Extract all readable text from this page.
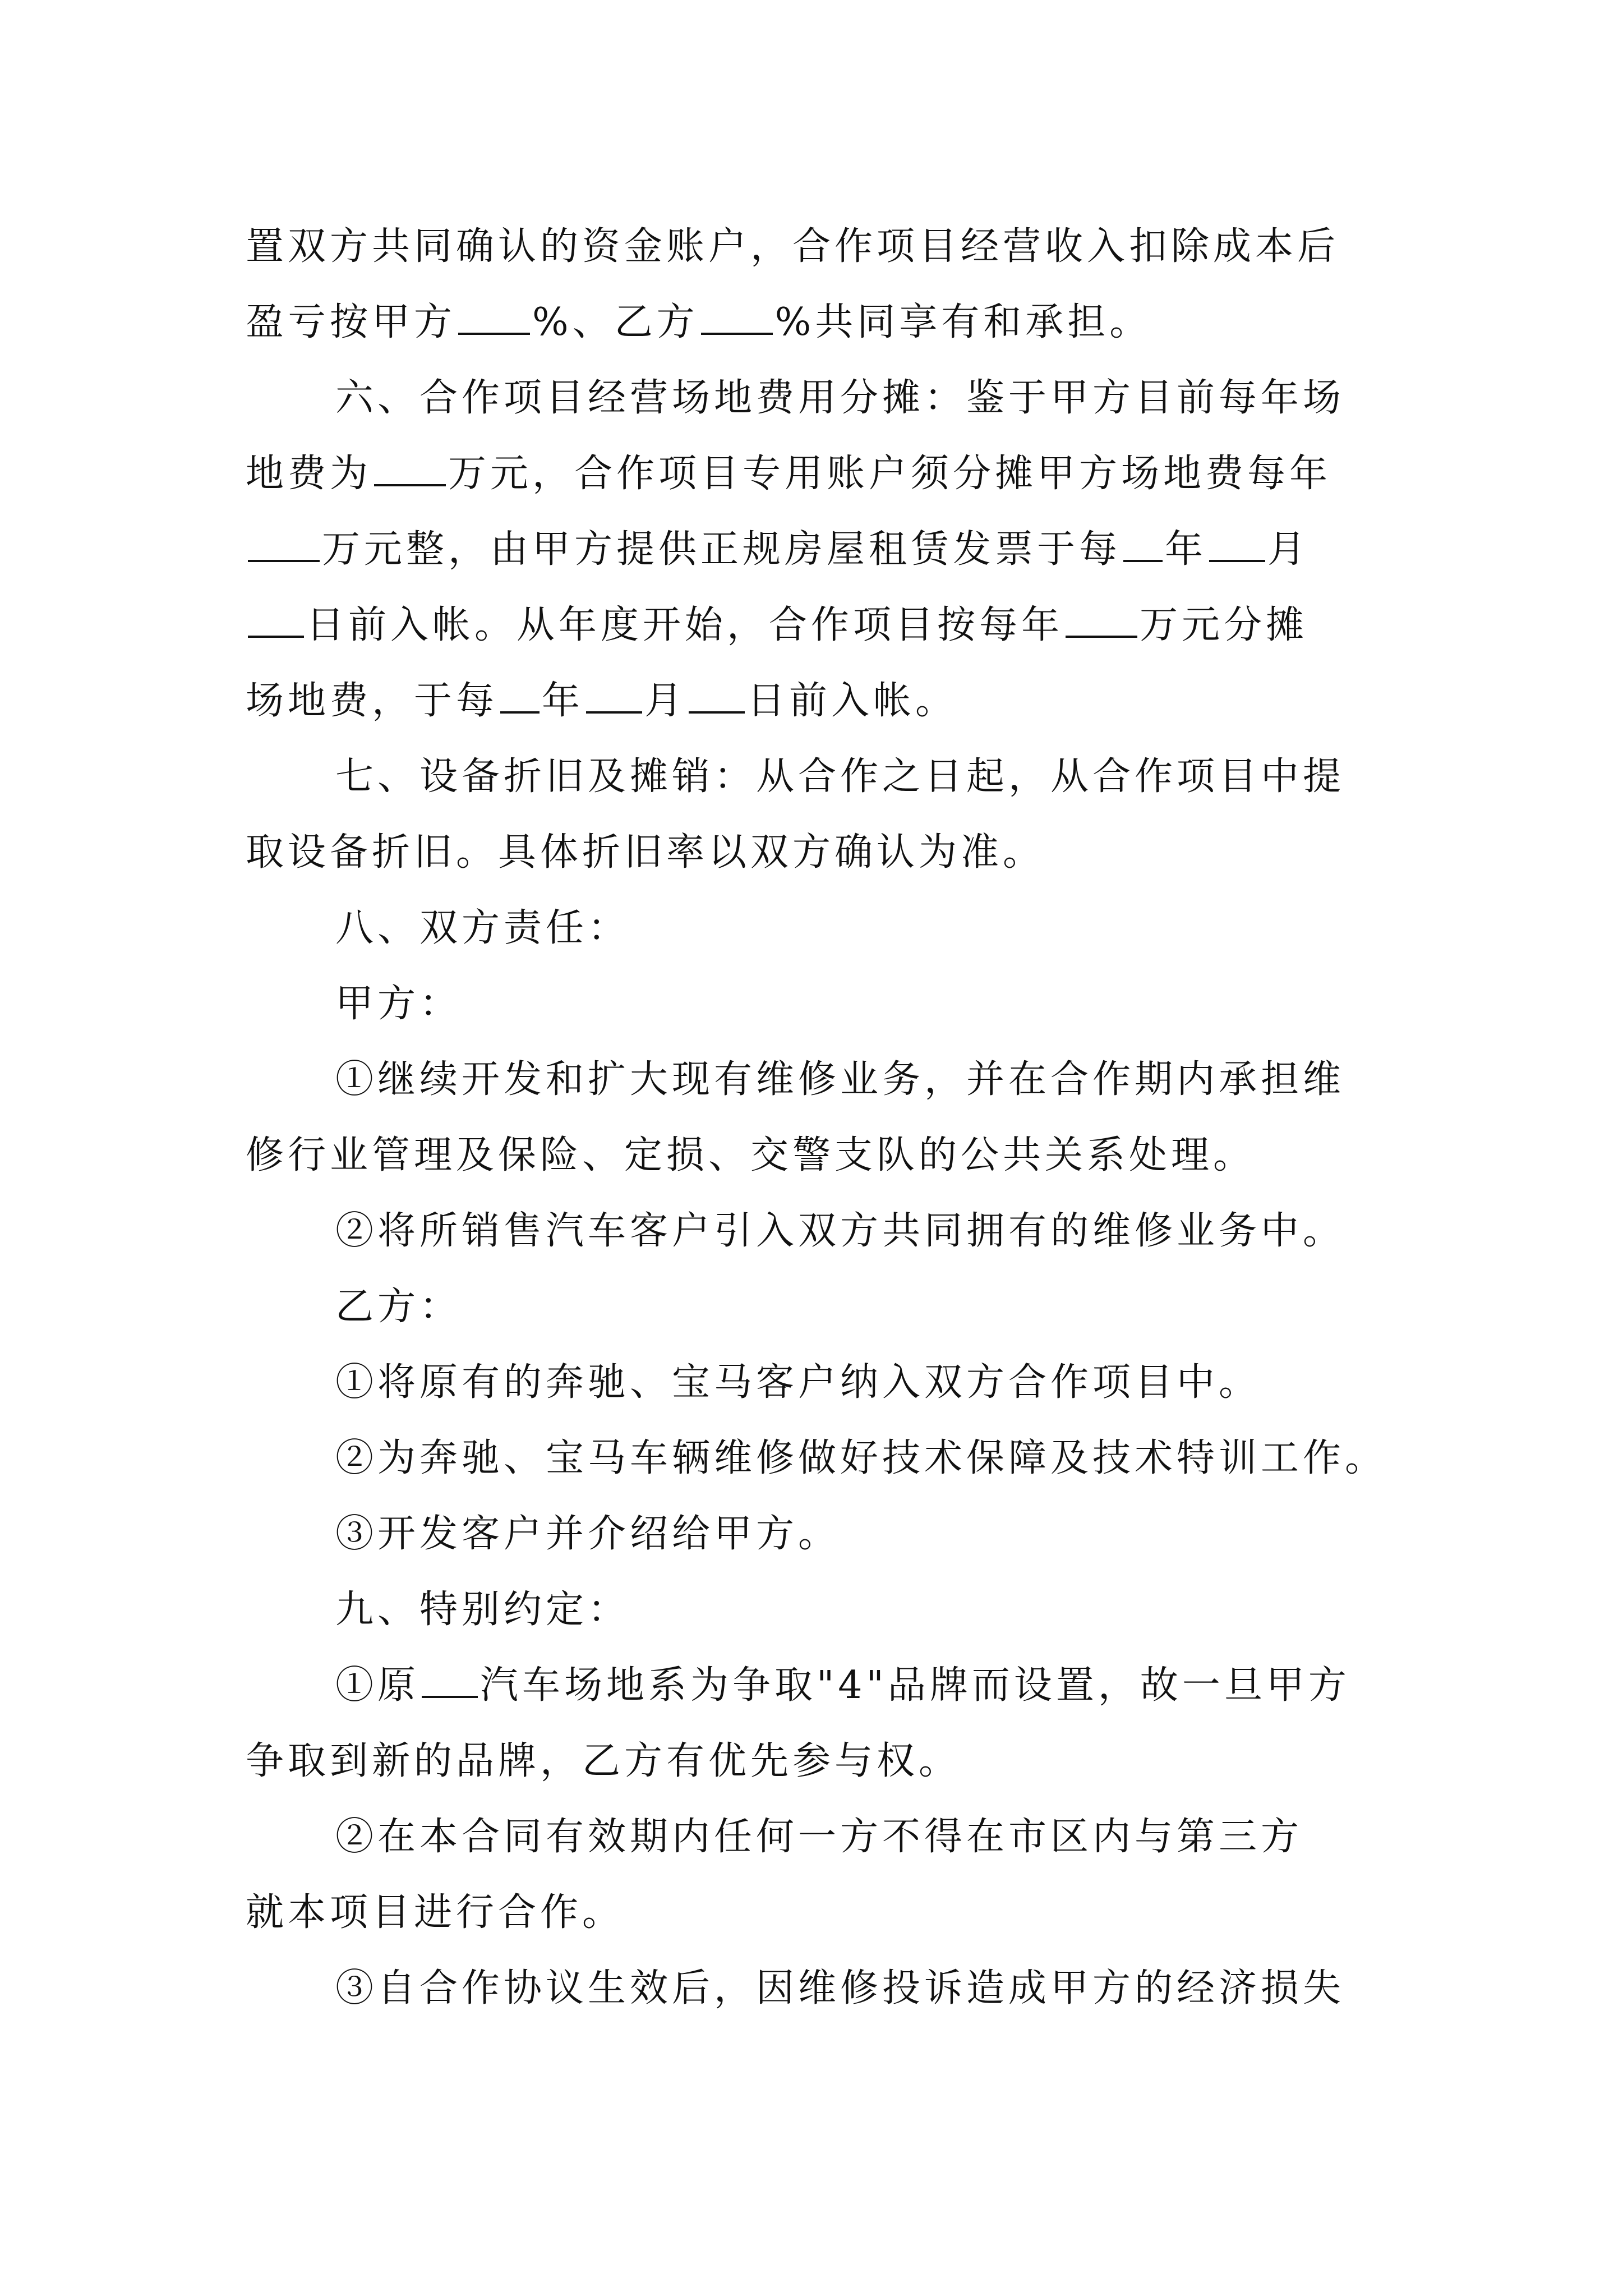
置双方共同确认的资金账户，合作项目经营收入扣除成本后
盈亏按甲方 %、乙方 %共同享有和承担。
六、合作项目经营场地费用分摊：鉴于甲方目前每年场
地费为 万元，合作项目专用账户须分摊甲方场地费每年
万元整，由甲方提供正规房屋租赁发票于每 年 月
日前入帐。从年度开始，合作项目按每年 万元分摊
场地费，于每 年 月 日前入帐。
七、设备折旧及摊销：从合作之日起，从合作项目中提
取设备折旧。具体折旧率以双方确认为准。
八、双方责任：
甲方：
①继续开发和扩大现有维修业务，并在合作期内承担维
修行业管理及保险、定损、交警支队的公共关系处理。
②将所销售汽车客户引入双方共同拥有的维修业务中。
乙方：
①将原有的奔驰、宝马客户纳入双方合作项目中。
②为奔驰、宝马车辆维修做好技术保障及技术特训工作。
③开发客户并介绍给甲方。
九、特别约定：
①原 汽车场地系为争取"4"品牌而设置，故一旦甲方
争取到新的品牌，乙方有优先参与权。
②在本合同有效期内任何一方不得在市区内与第三方
就本项目进行合作。
③自合作协议生效后，因维修投诉造成甲方的经济损失
